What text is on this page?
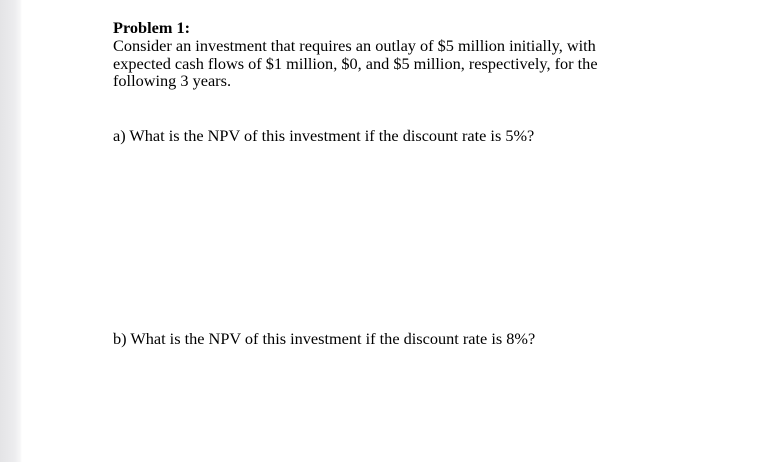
Problem 1:
Consider an investment that requires an outlay of $5 million initially, with
expected cash flows of $1 million, $0, and $5 million, respectively, for the
following 3 years.
a) What is the NPV of this investment if the discount rate is 5%?
b) What is the NPV of this investment if the discount rate is 8%?
